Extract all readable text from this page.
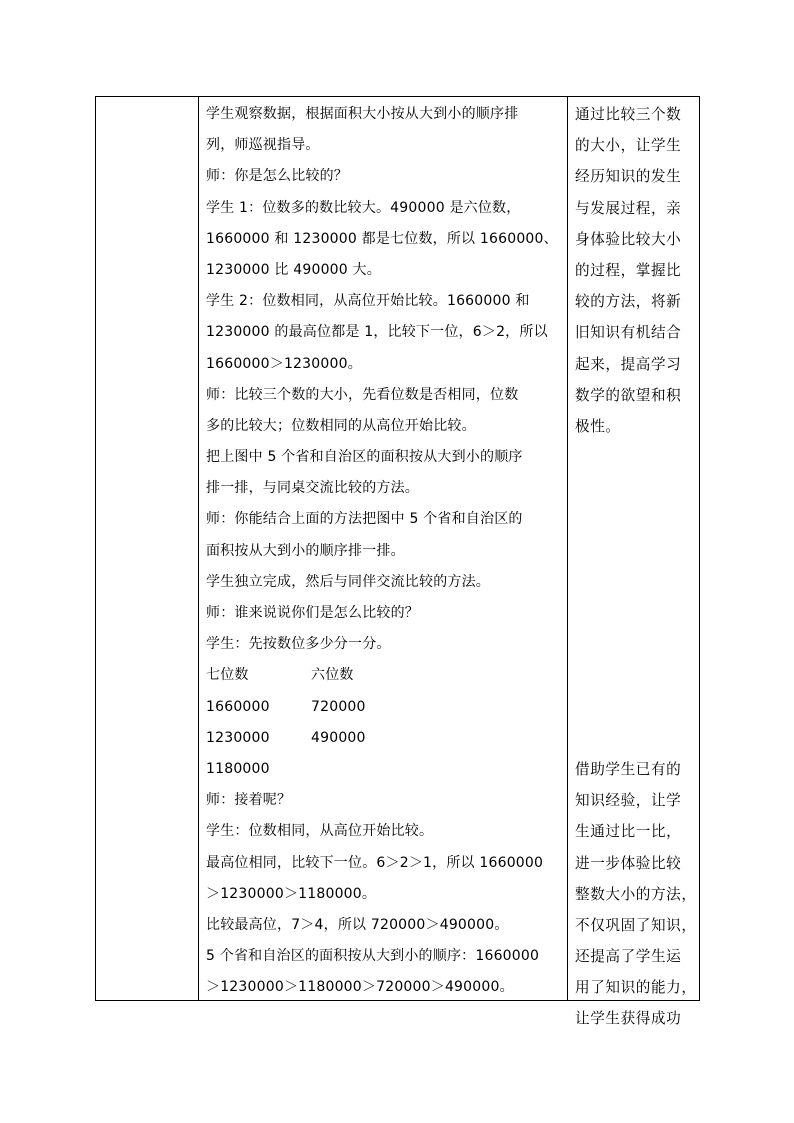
学生观察数据，根据面积大小按从大到小的顺序排
列，师巡视指导。
师：你是怎么比较的？
学生 1：位数多的数比较大。490000 是六位数，
1660000 和 1230000 都是七位数，所以 1660000、
1230000 比 490000 大。
学生 2：位数相同，从高位开始比较。1660000 和
1230000 的最高位都是 1，比较下一位，6＞2，所以
1660000＞1230000。
师：比较三个数的大小，先看位数是否相同，位数
多的比较大；位数相同的从高位开始比较。
把上图中 5 个省和自治区的面积按从大到小的顺序
排一排，与同桌交流比较的方法。
师：你能结合上面的方法把图中 5 个省和自治区的
面积按从大到小的顺序排一排。
学生独立完成，然后与同伴交流比较的方法。
师：谁来说说你们是怎么比较的？
学生：先按数位多少分一分。
七位数	六位数
1660000	720000
1230000	490000
1180000
师：接着呢？
学生：位数相同，从高位开始比较。
最高位相同，比较下一位。6＞2＞1，所以 1660000
＞1230000＞1180000。
比较最高位，7＞4，所以 720000＞490000。
5 个省和自治区的面积按从大到小的顺序：1660000
＞1230000＞1180000＞720000＞490000。
通过比较三个数
的大小，让学生
经历知识的发生
与发展过程，亲
身体验比较大小
的过程，掌握比
较的方法，将新
旧知识有机结合
起来，提高学习
数学的欲望和积
极性。
借助学生已有的
知识经验，让学
生通过比一比，
进一步体验比较
整数大小的方法，
不仅巩固了知识，
还提高了学生运
用了知识的能力，
让学生获得成功
